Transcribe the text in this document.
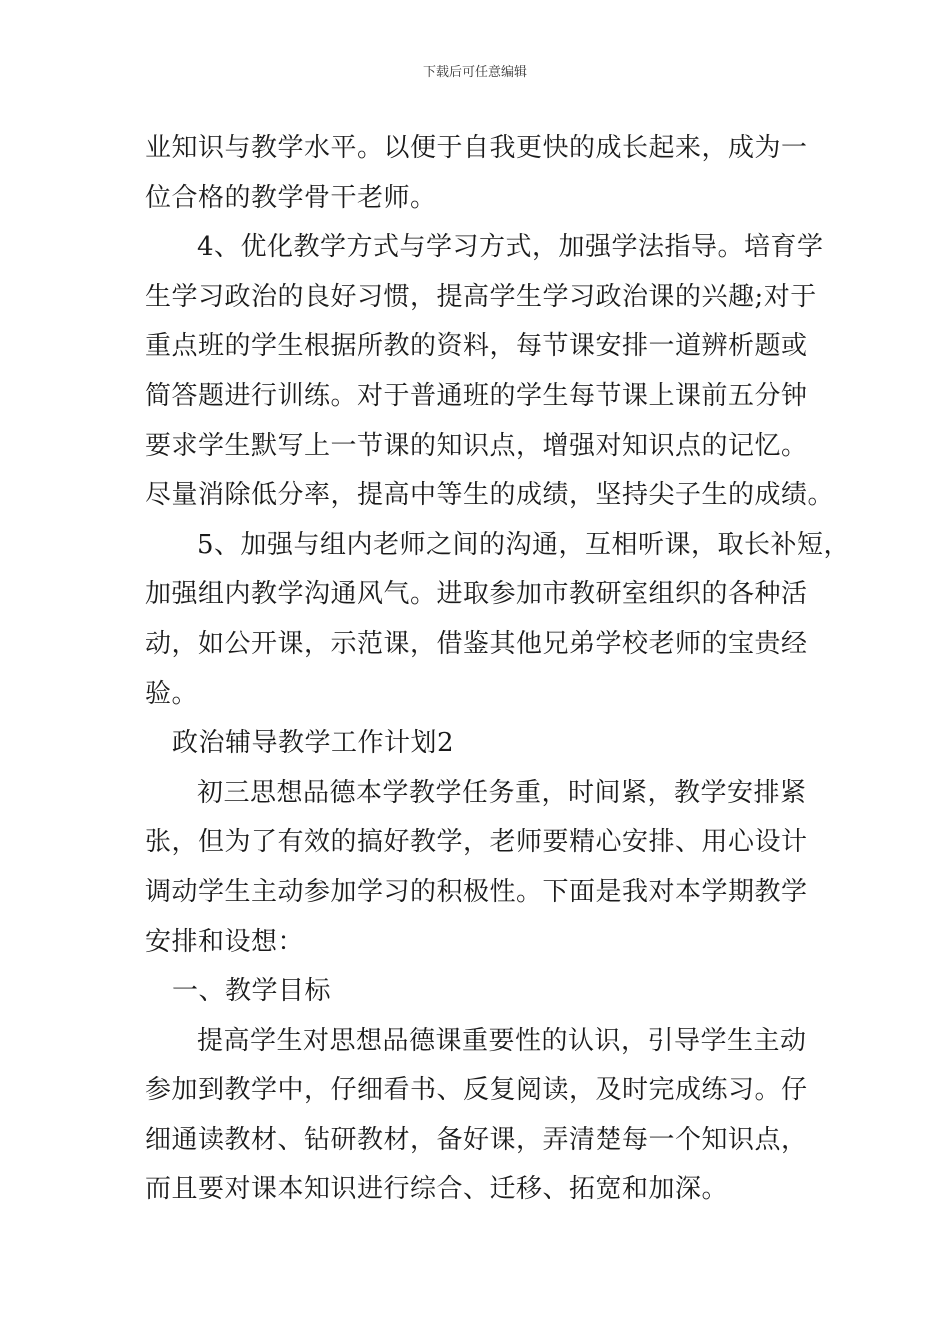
下载后可任意编辑
业知识与教学水平。以便于自我更快的成长起来，成为一
位合格的教学骨干老师。
4、优化教学方式与学习方式，加强学法指导。培育学
生学习政治的良好习惯，提高学生学习政治课的兴趣;对于
重点班的学生根据所教的资料，每节课安排一道辨析题或
简答题进行训练。对于普通班的学生每节课上课前五分钟
要求学生默写上一节课的知识点，增强对知识点的记忆。
尽量消除低分率，提高中等生的成绩，坚持尖子生的成绩。
5、加强与组内老师之间的沟通，互相听课，取长补短，
加强组内教学沟通风气。进取参加市教研室组织的各种活
动，如公开课，示范课，借鉴其他兄弟学校老师的宝贵经
验。
政治辅导教学工作计划2
初三思想品德本学教学任务重，时间紧，教学安排紧
张，但为了有效的搞好教学，老师要精心安排、用心设计
调动学生主动参加学习的积极性。下面是我对本学期教学
安排和设想：
一、教学目标
提高学生对思想品德课重要性的认识，引导学生主动
参加到教学中，仔细看书、反复阅读，及时完成练习。仔
细通读教材、钻研教材，备好课，弄清楚每一个知识点，
而且要对课本知识进行综合、迁移、拓宽和加深。
